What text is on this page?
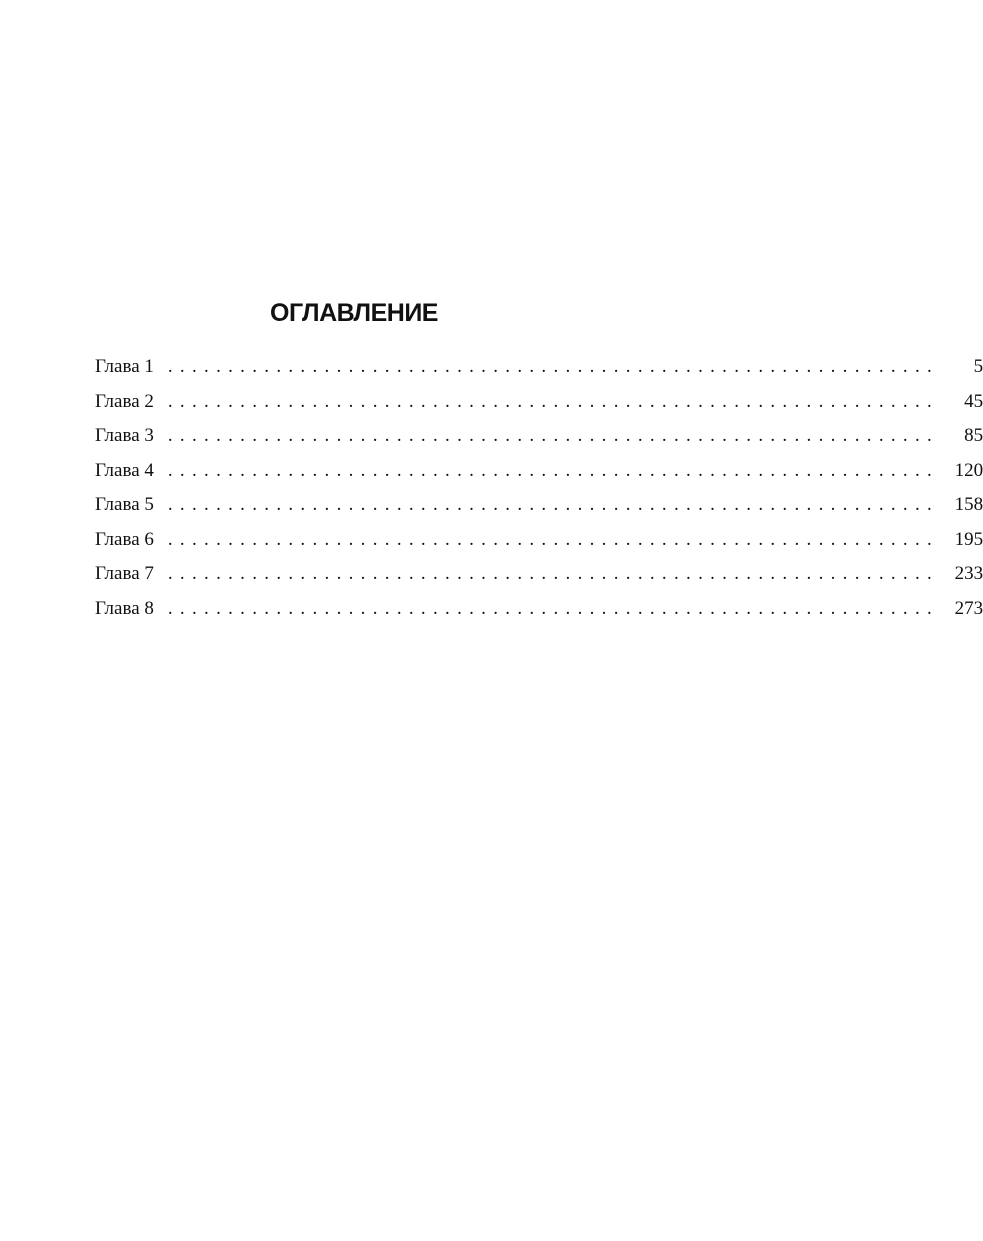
ОГЛАВЛЕНИЕ
Глава 1 ................................................................	5
Глава 2 ................................................................	45
Глава 3 ................................................................	85
Глава 4 ................................................................ 120
Глава 5 ................................................................ 158
Глава 6 ................................................................ 195
Глава 7 ................................................................ 233
Глава 8 ................................................................ 273
